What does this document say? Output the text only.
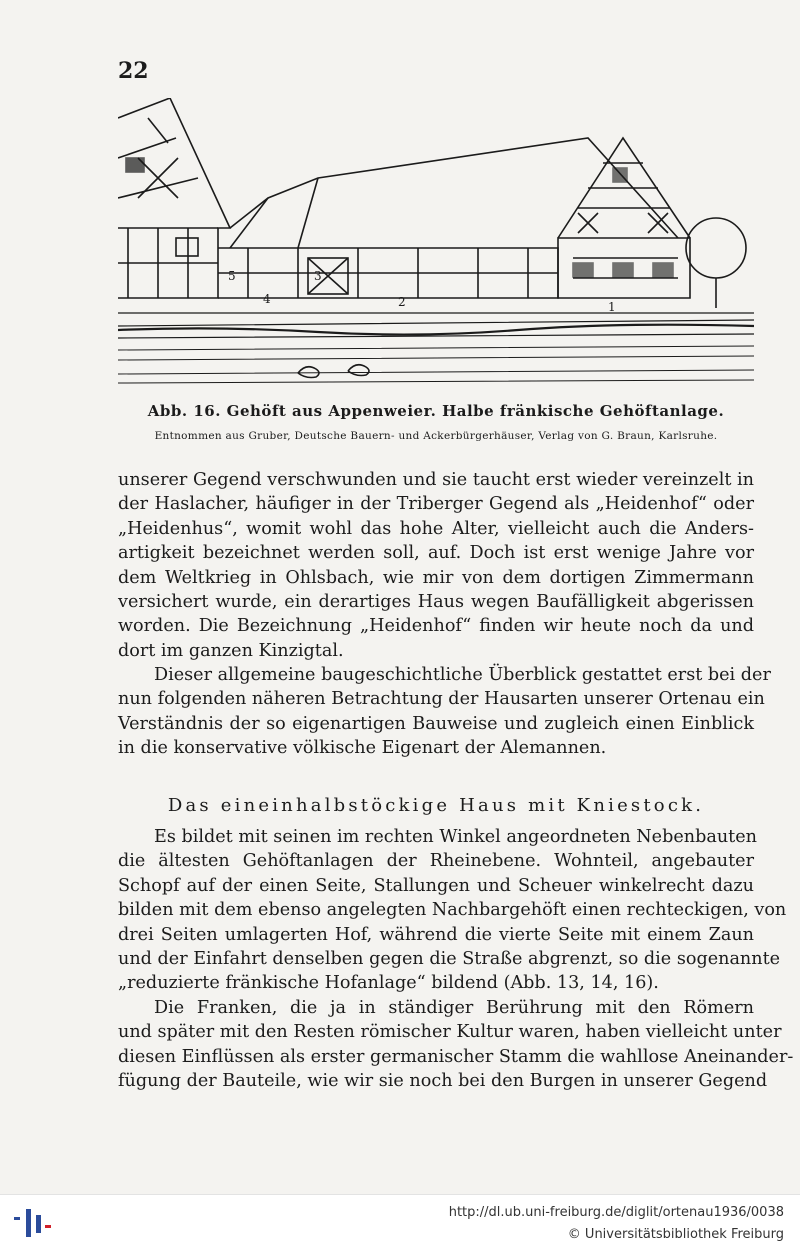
22
5
4
3
2	1
Abb. 16. Gehöft aus Appenweier. Halbe fränkische Gehöftanlage.
Entnommen aus Gruber, Deutsche Bauern- und Ackerbürgerhäuser, Verlag von G. Braun, Karlsruhe.
unserer Gegend verschwunden und sie taucht erst wieder vereinzelt in
der Haslacher, häufiger in der Triberger Gegend als „Heidenhof“ oder
„Heidenhus“, womit wohl das hohe Alter, vielleicht auch die Anders-
artigkeit bezeichnet werden soll, auf. Doch ist erst wenige Jahre vor
dem Weltkrieg in Ohlsbach, wie mir von dem dortigen Zimmermann
versichert wurde, ein derartiges Haus wegen Baufälligkeit abgerissen
worden. Die Bezeichnung „Heidenhof“ finden wir heute noch da und
dort im ganzen Kinzigtal.
Dieser allgemeine baugeschichtliche Überblick gestattet erst bei der
nun folgenden näheren Betrachtung der Hausarten unserer Ortenau ein
Verständnis der so eigenartigen Bauweise und zugleich einen Einblick
in die konservative völkische Eigenart der Alemannen.
Das eineinhalbstöckige Haus mit Kniestock.
Es bildet mit seinen im rechten Winkel angeordneten Nebenbauten
die ältesten Gehöftanlagen der Rheinebene. Wohnteil, angebauter
Schopf auf der einen Seite, Stallungen und Scheuer winkelrecht dazu
bilden mit dem ebenso angelegten Nachbargehöft einen rechteckigen, von
drei Seiten umlagerten Hof, während die vierte Seite mit einem Zaun
und der Einfahrt denselben gegen die Straße abgrenzt, so die sogenannte
„reduzierte fränkische Hofanlage“ bildend (Abb. 13, 14, 16).
Die Franken, die ja in ständiger Berührung mit den Römern
und später mit den Resten römischer Kultur waren, haben vielleicht unter
diesen Einflüssen als erster germanischer Stamm die wahllose Aneinander-
fügung der Bauteile, wie wir sie noch bei den Burgen in unserer Gegend
http://dl.ub.uni-freiburg.de/diglit/ortenau1936/0038
© Universitätsbibliothek Freiburg
